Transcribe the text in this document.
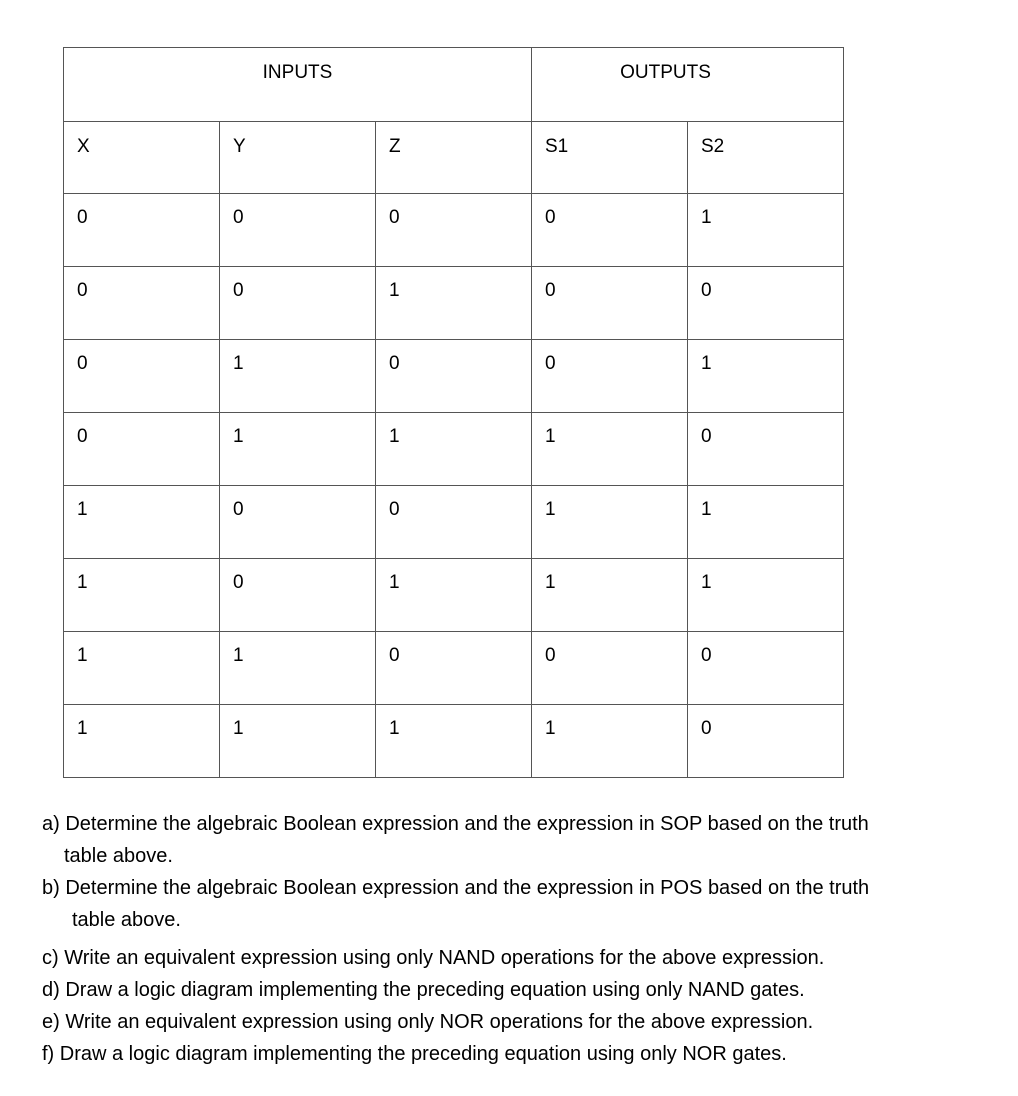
INPUTS			OUTPUTS	
X	Y	Z	S1	S2
0	0	0	0	1
0	0	1	0	0
0	1	0	0	1
0	1	1	1	0
1	0	0	1	1
1	0	1	1	1
1	1	0	0	0
1	1	1	1	0

a) Determine the algebraic Boolean expression and the expression in SOP based on the truth
table above.

b) Determine the algebraic Boolean expression and the expression in POS based on the truth
table above.

c) Write an equivalent expression using only NAND operations for the above expression.

d) Draw a logic diagram implementing the preceding equation using only NAND gates.

e) Write an equivalent expression using only NOR operations for the above expression.

f) Draw a logic diagram implementing the preceding equation using only NOR gates.
